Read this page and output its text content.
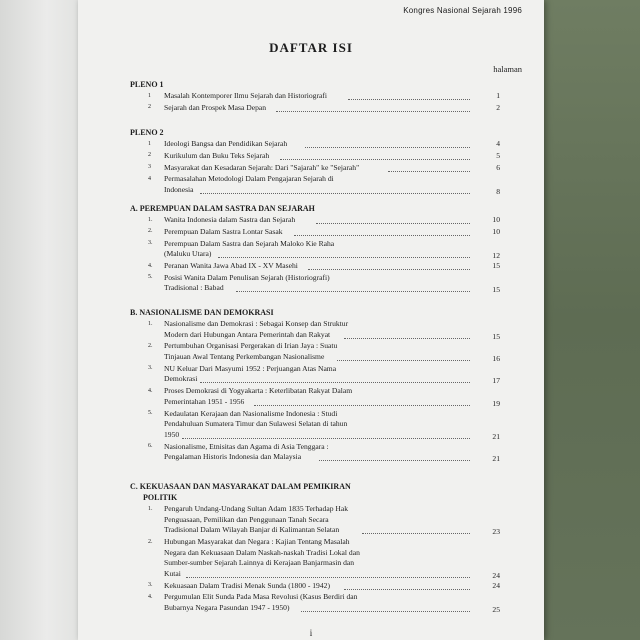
Kongres Nasional Sejarah 1996
DAFTAR ISI
halaman
PLENO 1
1 Masalah Kontemporer Ilmu Sejarah dan Historiografi	1
2 Sejarah dan Prospek Masa Depan	2
PLENO 2
1 Ideologi Bangsa dan Pendidikan Sejarah	4
2 Kurikulum dan Buku Teks Sejarah	5
3 Masyarakat dan Kesadaran Sejarah: Dari "Sajarah" ke "Sejarah"	6
4 Permasalahan Metodologi Dalam Pengajaran Sejarah di
Indonesia	8
A. PEREMPUAN DALAM SASTRA DAN SEJARAH
1. Wanita Indonesia dalam Sastra dan Sejarah	10
2. Perempuan Dalam Sastra Lontar Sasak	10
3. Perempuan Dalam Sastra dan Sejarah Maloko Kie Raha
(Maluku Utara)	12
4. Peranan Wanita Jawa Abad IX - XV Masehi	15
5. Posisi Wanita Dalam Penulisan Sejarah (Historiografi)
Tradisional : Babad	15
B. NASIONALISME DAN DEMOKRASI
1. Nasionalisme dan Demokrasi : Sebagai Konsep dan Struktur
Modern dari Hubungan Antara Pemerintah dan Rakyat	15
2. Pertumbuhan Organisasi Pergerakan di Irian Jaya : Suatu
Tinjauan Awal Tentang Perkembangan Nasionalisme	16
3. NU Keluar Dari Masyumi 1952 : Perjuangan Atas Nama
Demokrasi	17
4. Proses Demokrasi di Yogyakarta : Keterlibatan Rakyat Dalam
Pemerintahan 1951 - 1956	19
5. Kedaulatan Kerajaan dan Nasionalisme Indonesia : Studi
Pendahuluan Sumatera Timur dan Sulawesi Selatan di tahun
1950	21
6. Nasionalisme, Etnisitas dan Agama di Asia Tenggara :
Pengalaman Historis Indonesia dan Malaysia	21
C. KEKUASAAN DAN MASYARAKAT DALAM PEMIKIRAN
POLITIK
1. Pengaruh Undang-Undang Sultan Adam 1835 Terhadap Hak
Penguasaan, Pemilikan dan Penggunaan Tanah Secara
Tradisional Dalam Wilayah Banjar di Kalimantan Selatan	23
2. Hubungan Masyarakat dan Negara : Kajian Tentang Masalah
Negara dan Kekuasaan Dalam Naskah-naskah Tradisi Lokal dan
Sumber-sumber Sejarah Lainnya di Kerajaan Banjarmasin dan
Kutai	24
3. Kekuasaan Dalam Tradisi Menak Sunda (1800 - 1942)	24
4. Pergumulan Elit Sunda Pada Masa Revolusi (Kasus Berdiri dan
Bubarnya Negara Pasundan 1947 - 1950)	25
i
